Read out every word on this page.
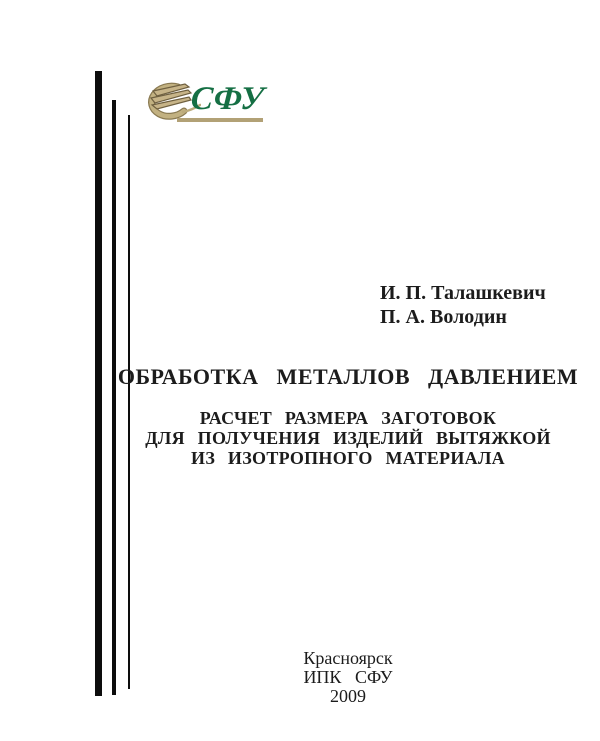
СФУ
И. П. Талашкевич
П. А. Володин
ОБРАБОТКА МЕТАЛЛОВ ДАВЛЕНИЕМ
РАСЧЕТ РАЗМЕРА ЗАГОТОВОК
ДЛЯ ПОЛУЧЕНИЯ ИЗДЕЛИЙ ВЫТЯЖКОЙ
ИЗ ИЗОТРОПНОГО МАТЕРИАЛА
Красноярск
ИПК СФУ
2009
